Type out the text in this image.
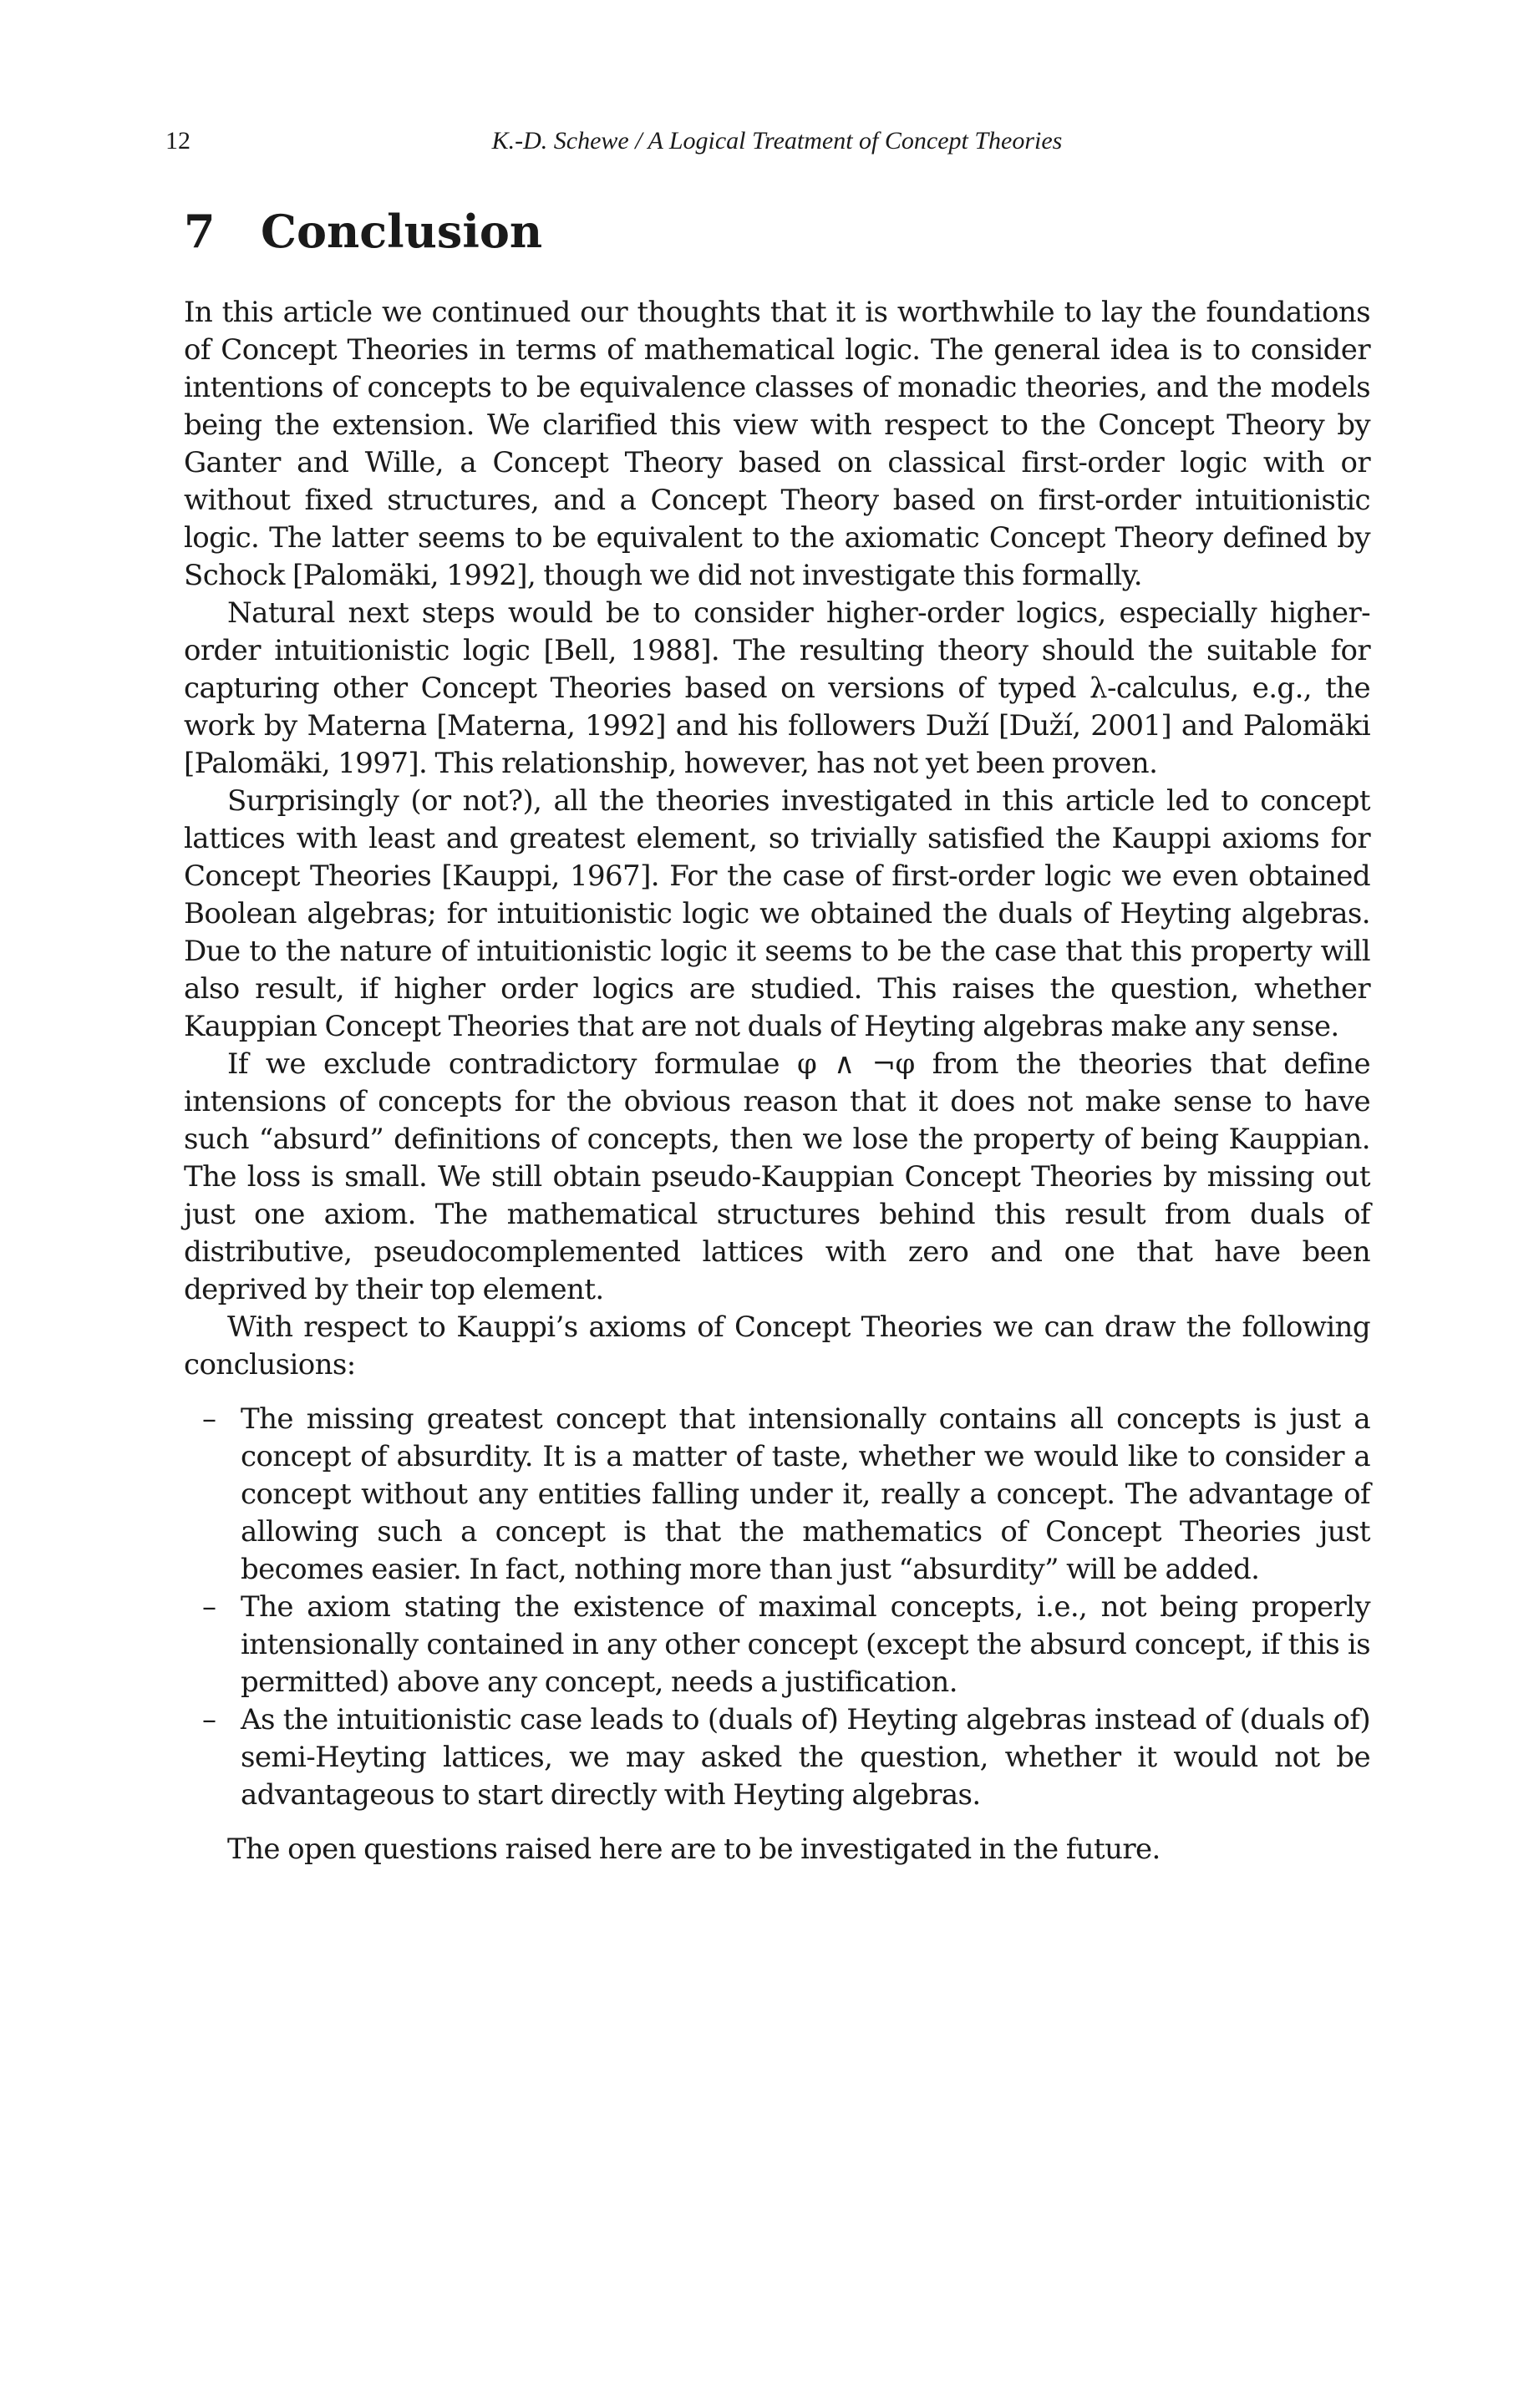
12	K.-D. Schewe / A Logical Treatment of Concept Theories
7 Conclusion

In this article we continued our thoughts that it is worthwhile to lay the foundations of Concept Theories in terms of mathematical logic. The general idea is to consider intentions of concepts to be equivalence classes of monadic theories, and the models being the extension. We clarified this view with respect to the Concept Theory by Ganter and Wille, a Concept Theory based on classical first-order logic with or without fixed structures, and a Concept Theory based on first-order intuitionistic logic. The latter seems to be equivalent to the axiomatic Concept Theory defined by Schock [Palomäki, 1992], though we did not investigate this formally.

Natural next steps would be to consider higher-order logics, especially higher-order intuitionistic logic [Bell, 1988]. The resulting theory should the suitable for capturing other Concept Theories based on versions of typed λ-calculus, e.g., the work by Materna [Materna, 1992] and his followers Duží [Duží, 2001] and Palomäki [Palomäki, 1997]. This relationship, however, has not yet been proven.

Surprisingly (or not?), all the theories investigated in this article led to concept lattices with least and greatest element, so trivially satisfied the Kauppi axioms for Concept Theories [Kauppi, 1967]. For the case of first-order logic we even obtained Boolean algebras; for intuitionistic logic we obtained the duals of Heyting algebras. Due to the nature of intuitionistic logic it seems to be the case that this property will also result, if higher order logics are studied. This raises the question, whether Kauppian Concept Theories that are not duals of Heyting algebras make any sense.

If we exclude contradictory formulae φ ∧ ¬φ from the theories that define intensions of concepts for the obvious reason that it does not make sense to have such “absurd” definitions of concepts, then we lose the property of being Kauppian. The loss is small. We still obtain pseudo-Kauppian Concept Theories by missing out just one axiom. The mathematical structures behind this result from duals of distributive, pseudocomplemented lattices with zero and one that have been deprived by their top element.

With respect to Kauppi’s axioms of Concept Theories we can draw the following conclusions:

– The missing greatest concept that intensionally contains all concepts is just a concept of absurdity. It is a matter of taste, whether we would like to consider a concept without any entities falling under it, really a concept. The advantage of allowing such a concept is that the mathematics of Concept Theories just becomes easier. In fact, nothing more than just “absurdity” will be added.
– The axiom stating the existence of maximal concepts, i.e., not being properly intensionally contained in any other concept (except the absurd concept, if this is permitted) above any concept, needs a justification.
– As the intuitionistic case leads to (duals of) Heyting algebras instead of (duals of) semi-Heyting lattices, we may asked the question, whether it would not be advantageous to start directly with Heyting algebras.

The open questions raised here are to be investigated in the future.
